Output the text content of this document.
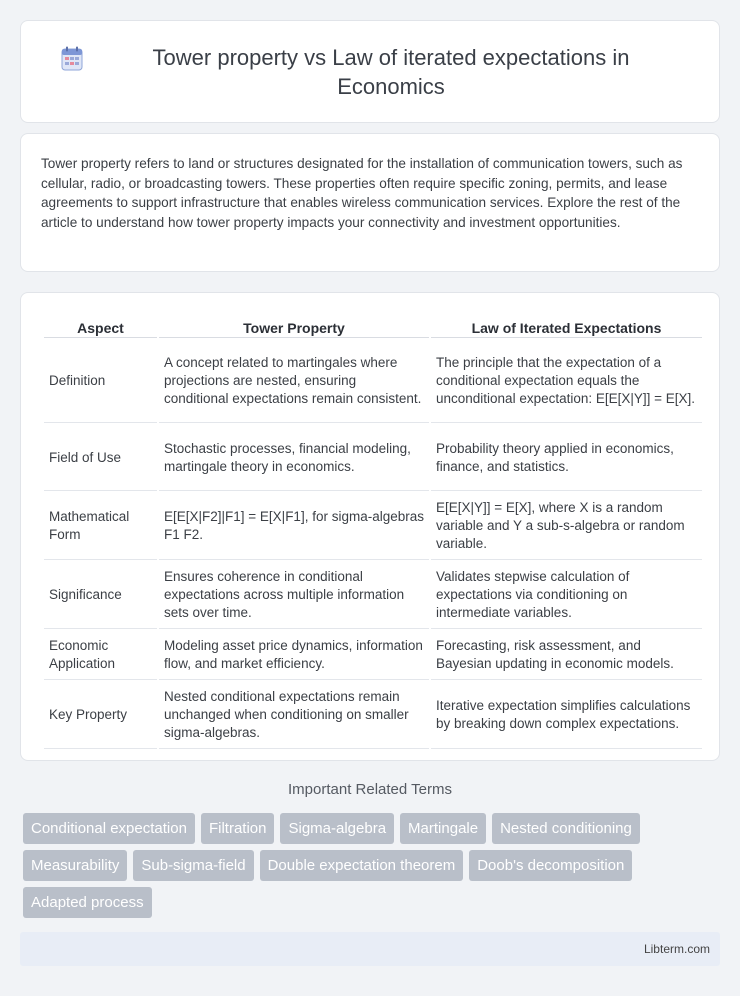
Tower property vs Law of iterated expectations in Economics

Tower property refers to land or structures designated for the installation of communication towers, such as cellular, radio, or broadcasting towers. These properties often require specific zoning, permits, and lease agreements to support infrastructure that enables wireless communication services. Explore the rest of the article to understand how tower property impacts your connectivity and investment opportunities.

Aspect	Tower Property	Law of Iterated Expectations
Definition	A concept related to martingales where projections are nested, ensuring conditional expectations remain consistent.	The principle that the expectation of a conditional expectation equals the unconditional expectation: E[E[X|Y]] = E[X].
Field of Use	Stochastic processes, financial modeling, martingale theory in economics.	Probability theory applied in economics, finance, and statistics.
Mathematical Form	E[E[X|F2]|F1] = E[X|F1], for sigma-algebras F1 F2.	E[E[X|Y]] = E[X], where X is a random variable and Y a sub-s-algebra or random variable.
Significance	Ensures coherence in conditional expectations across multiple information sets over time.	Validates stepwise calculation of expectations via conditioning on intermediate variables.
Economic Application	Modeling asset price dynamics, information flow, and market efficiency.	Forecasting, risk assessment, and Bayesian updating in economic models.
Key Property	Nested conditional expectations remain unchanged when conditioning on smaller sigma-algebras.	Iterative expectation simplifies calculations by breaking down complex expectations.
Important Related Terms
Conditional expectation	Filtration	Sigma-algebra	Martingale	Nested conditioning
Measurability	Sub-sigma-field	Double expectation theorem	Doob's decomposition
Adapted process
Libterm.com
